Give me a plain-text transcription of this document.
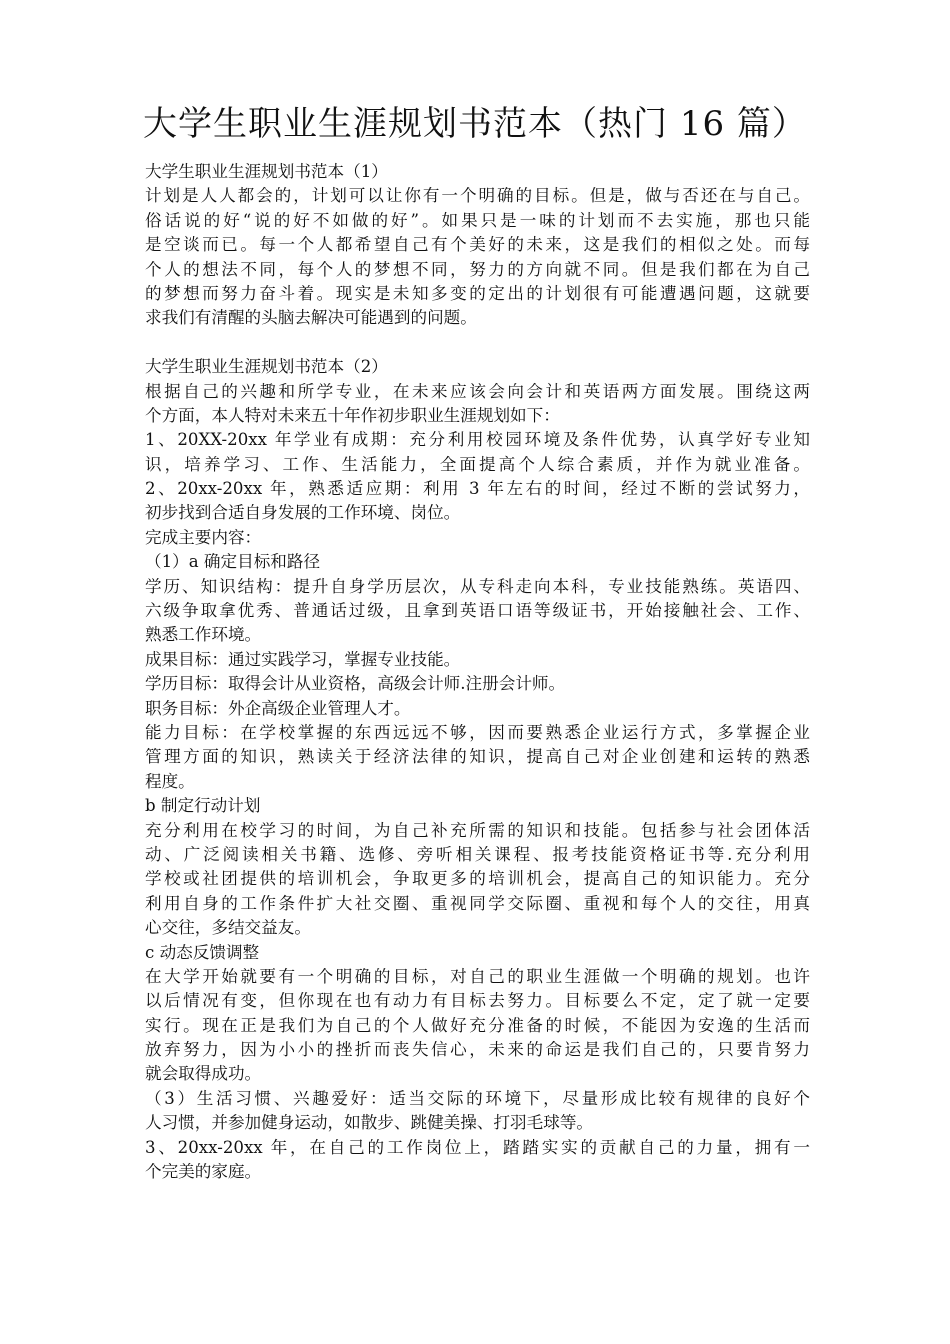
大学生职业生涯规划书范本（热门 16 篇）
大学生职业生涯规划书范本（1）
计划是人人都会的，计划可以让你有一个明确的目标。但是，做与否还在与自己。
俗话说的好“说的好不如做的好”。如果只是一味的计划而不去实施，那也只能
是空谈而已。每一个人都希望自己有个美好的未来，这是我们的相似之处。而每
个人的想法不同，每个人的梦想不同，努力的方向就不同。但是我们都在为自己
的梦想而努力奋斗着。现实是未知多变的定出的计划很有可能遭遇问题，这就要
求我们有清醒的头脑去解决可能遇到的问题。
大学生职业生涯规划书范本（2）
根据自己的兴趣和所学专业，在未来应该会向会计和英语两方面发展。围绕这两
个方面，本人特对未来五十年作初步职业生涯规划如下：
1、20XX-20xx 年学业有成期：充分利用校园环境及条件优势，认真学好专业知
识，培养学习、工作、生活能力，全面提高个人综合素质，并作为就业准备。
2、20xx-20xx 年，熟悉适应期：利用 3 年左右的时间，经过不断的尝试努力，
初步找到合适自身发展的工作环境、岗位。
完成主要内容：
（1）a 确定目标和路径
学历、知识结构：提升自身学历层次，从专科走向本科，专业技能熟练。英语四、
六级争取拿优秀、普通话过级，且拿到英语口语等级证书，开始接触社会、工作、
熟悉工作环境。
成果目标：通过实践学习，掌握专业技能。
学历目标：取得会计从业资格，高级会计师.注册会计师。
职务目标：外企高级企业管理人才。
能力目标：在学校掌握的东西远远不够，因而要熟悉企业运行方式，多掌握企业
管理方面的知识，熟读关于经济法律的知识，提高自己对企业创建和运转的熟悉
程度。
b 制定行动计划
充分利用在校学习的时间，为自己补充所需的知识和技能。包括参与社会团体活
动、广泛阅读相关书籍、选修、旁听相关课程、报考技能资格证书等.充分利用
学校或社团提供的培训机会，争取更多的培训机会，提高自己的知识能力。充分
利用自身的工作条件扩大社交圈、重视同学交际圈、重视和每个人的交往，用真
心交往，多结交益友。
c 动态反馈调整
在大学开始就要有一个明确的目标，对自己的职业生涯做一个明确的规划。也许
以后情况有变，但你现在也有动力有目标去努力。目标要么不定，定了就一定要
实行。现在正是我们为自己的个人做好充分准备的时候，不能因为安逸的生活而
放弃努力，因为小小的挫折而丧失信心，未来的命运是我们自己的，只要肯努力
就会取得成功。
（3）生活习惯、兴趣爱好：适当交际的环境下，尽量形成比较有规律的良好个
人习惯，并参加健身运动，如散步、跳健美操、打羽毛球等。
3、20xx-20xx 年，在自己的工作岗位上，踏踏实实的贡献自己的力量，拥有一
个完美的家庭。
